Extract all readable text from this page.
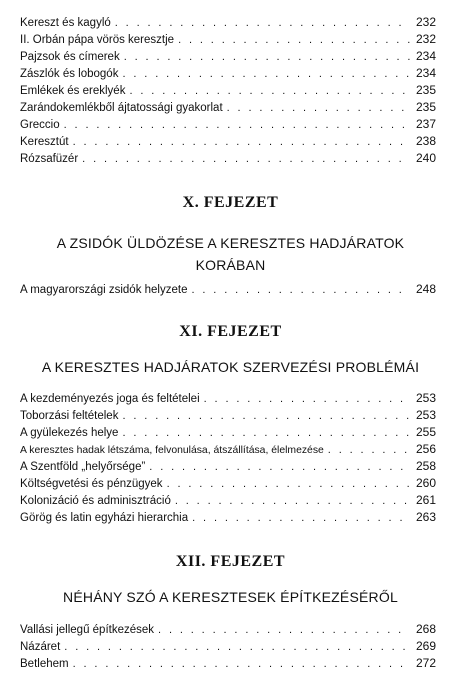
Kereszt és kagyló . . .	232
II. Orbán pápa vörös keresztje . . .	232
Pajzsok és címerek . . .	234
Zászlók és lobogók . . .	234
Emlékek és ereklyék . . .	235
Zarándokemlékből ájtatossági gyakorlat . . .	235
Greccio . . .	237
Keresztút . . .	238
Rózsafüzér . . .	240
X. FEJEZET
A ZSIDÓK ÜLDÖZÉSE A KERESZTES HADJÁRATOK KORÁBAN
A magyarországi zsidók helyzete . . .	248
XI. FEJEZET
A KERESZTES HADJÁRATOK SZERVEZÉSI PROBLÉMÁI
A kezdeményezés joga és feltételei . . .	253
Toborzási feltételek . . .	253
A gyülekezés helye . . .	255
A keresztes hadak létszáma, felvonulása, átszállítása, élelmezése . . .	256
A Szentföld „helyőrsége” . . .	258
Költségvetési és pénzügyek . . .	260
Kolonizáció és adminisztráció . . .	261
Görög és latin egyházi hierarchia . . .	263
XII. FEJEZET
NÉHÁNY SZÓ A KERESZTESEK ÉPÍTKEZÉSÉRŐL
Vallási jellegű építkezések . . .	268
Názáret . . .	269
Betlehem . . .	272
